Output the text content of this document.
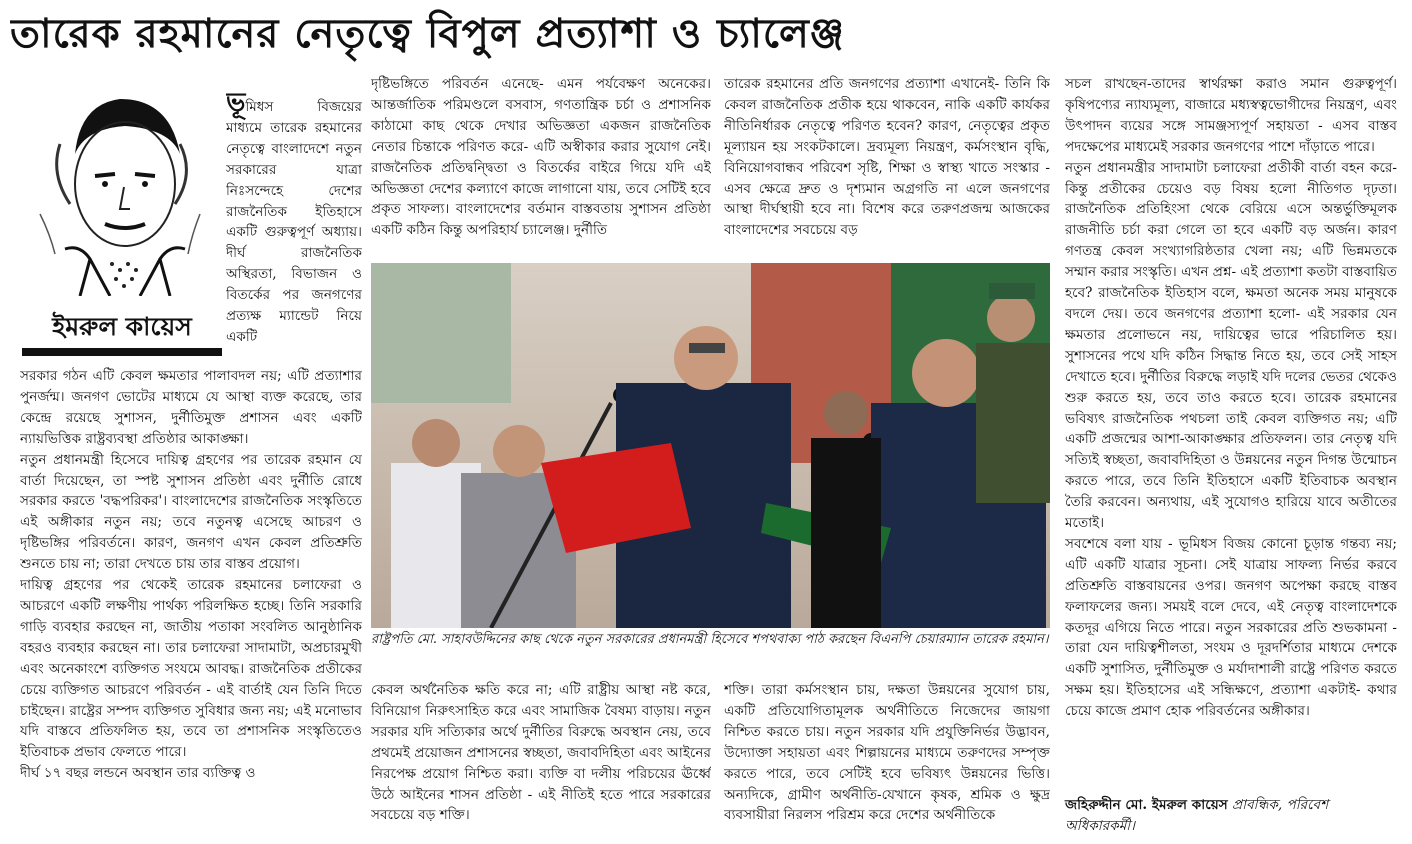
তারেক রহমানের নেতৃত্বে বিপুল প্রত্যাশা ও চ্যালেঞ্জ
ইমরুল কায়েস

ভূমিধস বিজয়ের মাধ্যমে তারেক রহমানের নেতৃত্বে বাংলাদেশে নতুন সরকারের যাত্রা নিঃসন্দেহে দেশের রাজনৈতিক ইতিহাসে একটি গুরুত্বপূর্ণ অধ্যায়। দীর্ঘ রাজনৈতিক অস্থিরতা, বিভাজন ও বিতর্কের পর জনগণের প্রত্যক্ষ ম্যান্ডেট নিয়ে একটি

সরকার গঠন এটি কেবল ক্ষমতার পালাবদল নয়; এটি প্রত্যাশার পুনর্জন্ম। জনগণ ভোটের মাধ্যমে যে আস্থা ব্যক্ত করেছে, তার কেন্দ্রে রয়েছে সুশাসন, দুর্নীতিমুক্ত প্রশাসন এবং একটি ন্যায়ভিত্তিক রাষ্ট্রব্যবস্থা প্রতিষ্ঠার আকাঙ্ক্ষা।

নতুন প্রধানমন্ত্রী হিসেবে দায়িত্ব গ্রহণের পর তারেক রহমান যে বার্তা দিয়েছেন, তা স্পষ্ট সুশাসন প্রতিষ্ঠা এবং দুর্নীতি রোধে সরকার করতে 'বদ্ধপরিকর'। বাংলাদেশের রাজনৈতিক সংস্কৃতিতে এই অঙ্গীকার নতুন নয়; তবে নতুনত্ব এসেছে আচরণ ও দৃষ্টিভঙ্গির পরিবর্তনে। কারণ, জনগণ এখন কেবল প্রতিশ্রুতি শুনতে চায় না; তারা দেখতে চায় তার বাস্তব প্রয়োগ।

দায়িত্ব গ্রহণের পর থেকেই তারেক রহমানের চলাফেরা ও আচরণে একটি লক্ষণীয় পার্থক্য পরিলক্ষিত হচ্ছে। তিনি সরকারি গাড়ি ব্যবহার করছেন না, জাতীয় পতাকা সংবলিত আনুষ্ঠানিক বহরও ব্যবহার করছেন না। তার চলাফেরা সাদামাটা, অপ্রচারমুখী এবং অনেকাংশে ব্যক্তিগত সংযমে আবদ্ধ। রাজনৈতিক প্রতীকের চেয়ে ব্যক্তিগত আচরণে পরিবর্তন - এই বার্তাই যেন তিনি দিতে চাইছেন। রাষ্ট্রের সম্পদ ব্যক্তিগত সুবিধার জন্য নয়; এই মনোভাব যদি বাস্তবে প্রতিফলিত হয়, তবে তা প্রশাসনিক সংস্কৃতিতেও ইতিবাচক প্রভাব ফেলতে পারে।

দীর্ঘ ১৭ বছর লন্ডনে অবস্থান তার ব্যক্তিত্ব ও

দৃষ্টিভঙ্গিতে পরিবর্তন এনেছে- এমন পর্যবেক্ষণ অনেকের। আন্তর্জাতিক পরিমণ্ডলে বসবাস, গণতান্ত্রিক চর্চা ও প্রশাসনিক কাঠামো কাছ থেকে দেখার অভিজ্ঞতা একজন রাজনৈতিক নেতার চিন্তাকে পরিণত করে- এটি অস্বীকার করার সুযোগ নেই। রাজনৈতিক প্রতিদ্বন্দ্বিতা ও বিতর্কের বাইরে গিয়ে যদি এই অভিজ্ঞতা দেশের কল্যাণে কাজে লাগানো যায়, তবে সেটিই হবে প্রকৃত সাফল্য। বাংলাদেশের বর্তমান বাস্তবতায় সুশাসন প্রতিষ্ঠা একটি কঠিন কিন্তু অপরিহার্য চ্যালেঞ্জ। দুর্নীতি

তারেক রহমানের প্রতি জনগণের প্রত্যাশা এখানেই- তিনি কি কেবল রাজনৈতিক প্রতীক হয়ে থাকবেন, নাকি একটি কার্যকর নীতিনির্ধারক নেতৃত্বে পরিণত হবেন? কারণ, নেতৃত্বের প্রকৃত মূল্যায়ন হয় সংকটকালে। দ্রব্যমূল্য নিয়ন্ত্রণ, কর্মসংস্থান বৃদ্ধি, বিনিয়োগবান্ধব পরিবেশ সৃষ্টি, শিক্ষা ও স্বাস্থ্য খাতে সংস্কার - এসব ক্ষেত্রে দ্রুত ও দৃশ্যমান অগ্রগতি না এলে জনগণের আস্থা দীর্ঘস্থায়ী হবে না। বিশেষ করে তরুণপ্রজন্ম আজকের বাংলাদেশের সবচেয়ে বড়

রাষ্ট্রপতি মো. সাহাবউদ্দিনের কাছ থেকে নতুন সরকারের প্রধানমন্ত্রী হিসেবে শপথবাক্য পাঠ করছেন বিএনপি চেয়ারম্যান তারেক রহমান।

কেবল অর্থনৈতিক ক্ষতি করে না; এটি রাষ্ট্রীয় আস্থা নষ্ট করে, বিনিয়োগ নিরুৎসাহিত করে এবং সামাজিক বৈষম্য বাড়ায়। নতুন সরকার যদি সত্যিকার অর্থে দুর্নীতির বিরুদ্ধে অবস্থান নেয়, তবে প্রথমেই প্রয়োজন প্রশাসনের স্বচ্ছতা, জবাবদিহিতা এবং আইনের নিরপেক্ষ প্রয়োগ নিশ্চিত করা। ব্যক্তি বা দলীয় পরিচয়ের ঊর্ধ্বে উঠে আইনের শাসন প্রতিষ্ঠা - এই নীতিই হতে পারে সরকারের সবচেয়ে বড় শক্তি।

শক্তি। তারা কর্মসংস্থান চায়, দক্ষতা উন্নয়নের সুযোগ চায়, একটি প্রতিযোগিতামূলক অর্থনীতিতে নিজেদের জায়গা নিশ্চিত করতে চায়। নতুন সরকার যদি প্রযুক্তিনির্ভর উদ্ভাবন, উদ্যোক্তা সহায়তা এবং শিল্পায়নের মাধ্যমে তরুণদের সম্পৃক্ত করতে পারে, তবে সেটিই হবে ভবিষ্যৎ উন্নয়নের ভিত্তি। অন্যদিকে, গ্রামীণ অর্থনীতি-যেখানে কৃষক, শ্রমিক ও ক্ষুদ্র ব্যবসায়ীরা নিরলস পরিশ্রম করে দেশের অর্থনীতিকে

সচল রাখছেন-তাদের স্বার্থরক্ষা করাও সমান গুরুত্বপূর্ণ। কৃষিপণ্যের ন্যায্যমূল্য, বাজারে মধ্যস্বত্বভোগীদের নিয়ন্ত্রণ, এবং উৎপাদন ব্যয়ের সঙ্গে সামঞ্জস্যপূর্ণ সহায়তা - এসব বাস্তব পদক্ষেপের মাধ্যমেই সরকার জনগণের পাশে দাঁড়াতে পারে।

নতুন প্রধানমন্ত্রীর সাদামাটা চলাফেরা প্রতীকী বার্তা বহন করে- কিন্তু প্রতীকের চেয়েও বড় বিষয় হলো নীতিগত দৃঢ়তা। রাজনৈতিক প্রতিহিংসা থেকে বেরিয়ে এসে অন্তর্ভুক্তিমূলক রাজনীতি চর্চা করা গেলে তা হবে একটি বড় অর্জন। কারণ গণতন্ত্র কেবল সংখ্যাগরিষ্ঠতার খেলা নয়; এটি ভিন্নমতকে সম্মান করার সংস্কৃতি। এখন প্রশ্ন- এই প্রত্যাশা কতটা বাস্তবায়িত হবে? রাজনৈতিক ইতিহাস বলে, ক্ষমতা অনেক সময় মানুষকে বদলে দেয়। তবে জনগণের প্রত্যাশা হলো- এই সরকার যেন ক্ষমতার প্রলোভনে নয়, দায়িত্বের ভারে পরিচালিত হয়। সুশাসনের পথে যদি কঠিন সিদ্ধান্ত নিতে হয়, তবে সেই সাহস দেখাতে হবে। দুর্নীতির বিরুদ্ধে লড়াই যদি দলের ভেতর থেকেও শুরু করতে হয়, তবে তাও করতে হবে। তারেক রহমানের ভবিষ্যৎ রাজনৈতিক পথচলা তাই কেবল ব্যক্তিগত নয়; এটি একটি প্রজন্মের আশা-আকাঙ্ক্ষার প্রতিফলন। তার নেতৃত্ব যদি সত্যিই স্বচ্ছতা, জবাবদিহিতা ও উন্নয়নের নতুন দিগন্ত উন্মোচন করতে পারে, তবে তিনি ইতিহাসে একটি ইতিবাচক অবস্থান তৈরি করবেন। অন্যথায়, এই সুযোগও হারিয়ে যাবে অতীতের মতোই।

সবশেষে বলা যায় - ভূমিধস বিজয় কোনো চূড়ান্ত গন্তব্য নয়; এটি একটি যাত্রার সূচনা। সেই যাত্রায় সাফল্য নির্ভর করবে প্রতিশ্রুতি বাস্তবায়নের ওপর। জনগণ অপেক্ষা করছে বাস্তব ফলাফলের জন্য। সময়ই বলে দেবে, এই নেতৃত্ব বাংলাদেশকে কতদূর এগিয়ে নিতে পারে। নতুন সরকারের প্রতি শুভকামনা - তারা যেন দায়িত্বশীলতা, সংযম ও দূরদর্শিতার মাধ্যমে দেশকে একটি সুশাসিত, দুর্নীতিমুক্ত ও মর্যাদাশালী রাষ্ট্রে পরিণত করতে সক্ষম হয়। ইতিহাসের এই সন্ধিক্ষণে, প্রত্যাশা একটাই- কথার চেয়ে কাজে প্রমাণ হোক পরিবর্তনের অঙ্গীকার।

জহিরুদ্দীন মো. ইমরুল কায়েস প্রাবন্ধিক, পরিবেশ অধিকারকর্মী।
